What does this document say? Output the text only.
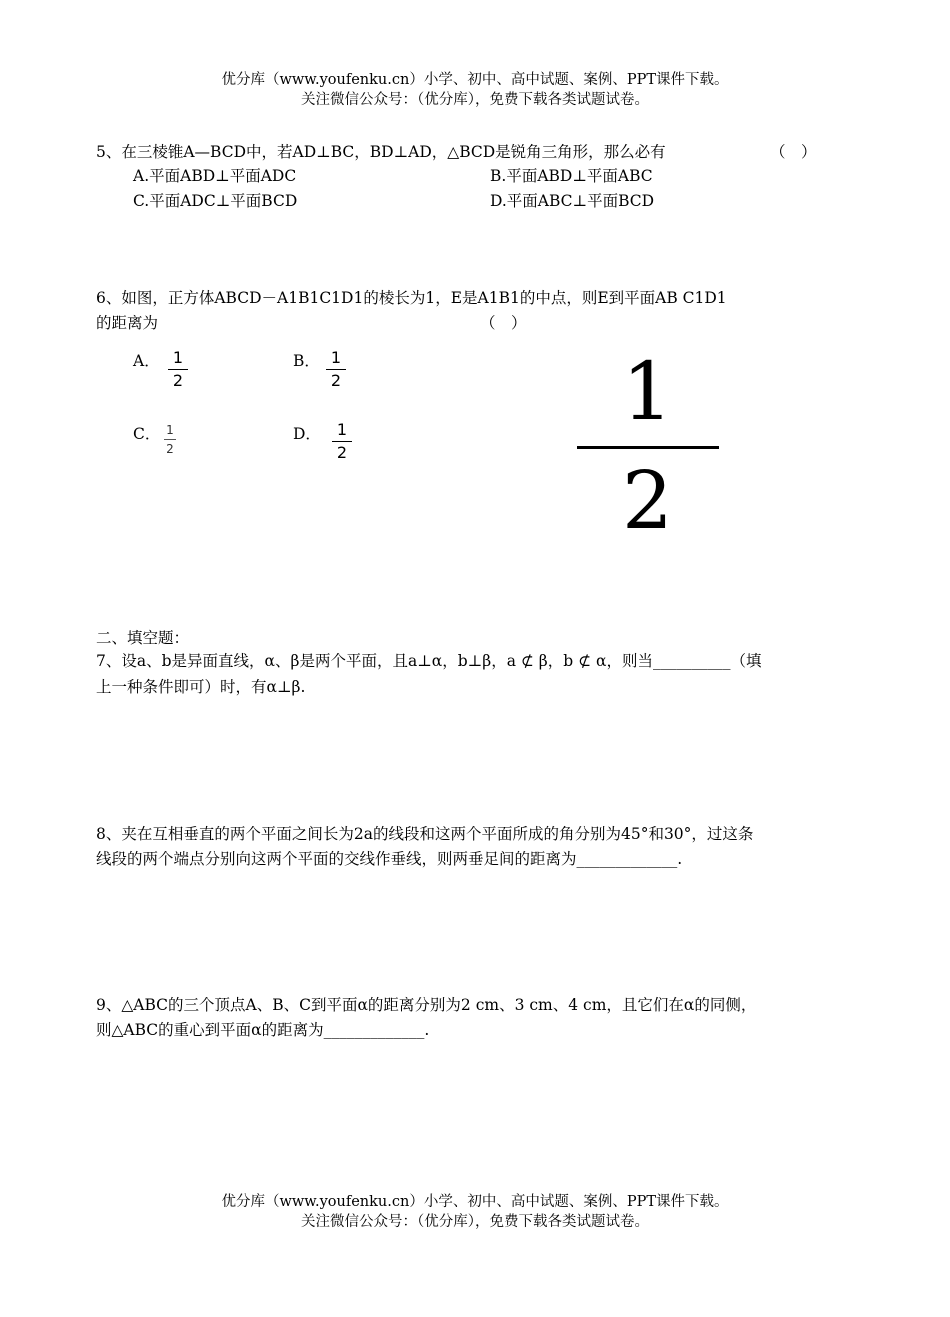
优分库（www.youfenku.cn）小学、初中、高中试题、案例、PPT课件下载。
关注微信公众号：（优分库），免费下载各类试题试卷。
5、在三棱锥A—BCD中，若AD⊥BC，BD⊥AD，△BCD是锐角三角形，那么必有	（　）
A.平面ABD⊥平面ADC	B.平面ABD⊥平面ABC
C.平面ADC⊥平面BCD	D.平面ABC⊥平面BCD
6、如图，正方体ABCD－A1B1C1D1的棱长为1，E是A1B1的中点，则E到平面AB C1D1
的距离为	（　）
A． 1
2
B． 1
2
C． 1
2
D． 1
2
1
2
二、填空题：
7、设a、b是异面直线，α、β是两个平面，且a⊥α，b⊥β，a ⊄ β，b ⊄ α，则当__________（填
上一种条件即可）时，有α⊥β.
8、夹在互相垂直的两个平面之间长为2a的线段和这两个平面所成的角分别为45°和30°，过这条
线段的两个端点分别向这两个平面的交线作垂线，则两垂足间的距离为_____________.
9、△ABC的三个顶点A、B、C到平面α的距离分别为2 cm、3 cm、4 cm，且它们在α的同侧，
则△ABC的重心到平面α的距离为_____________.
优分库（www.youfenku.cn）小学、初中、高中试题、案例、PPT课件下载。
关注微信公众号：（优分库），免费下载各类试题试卷。
